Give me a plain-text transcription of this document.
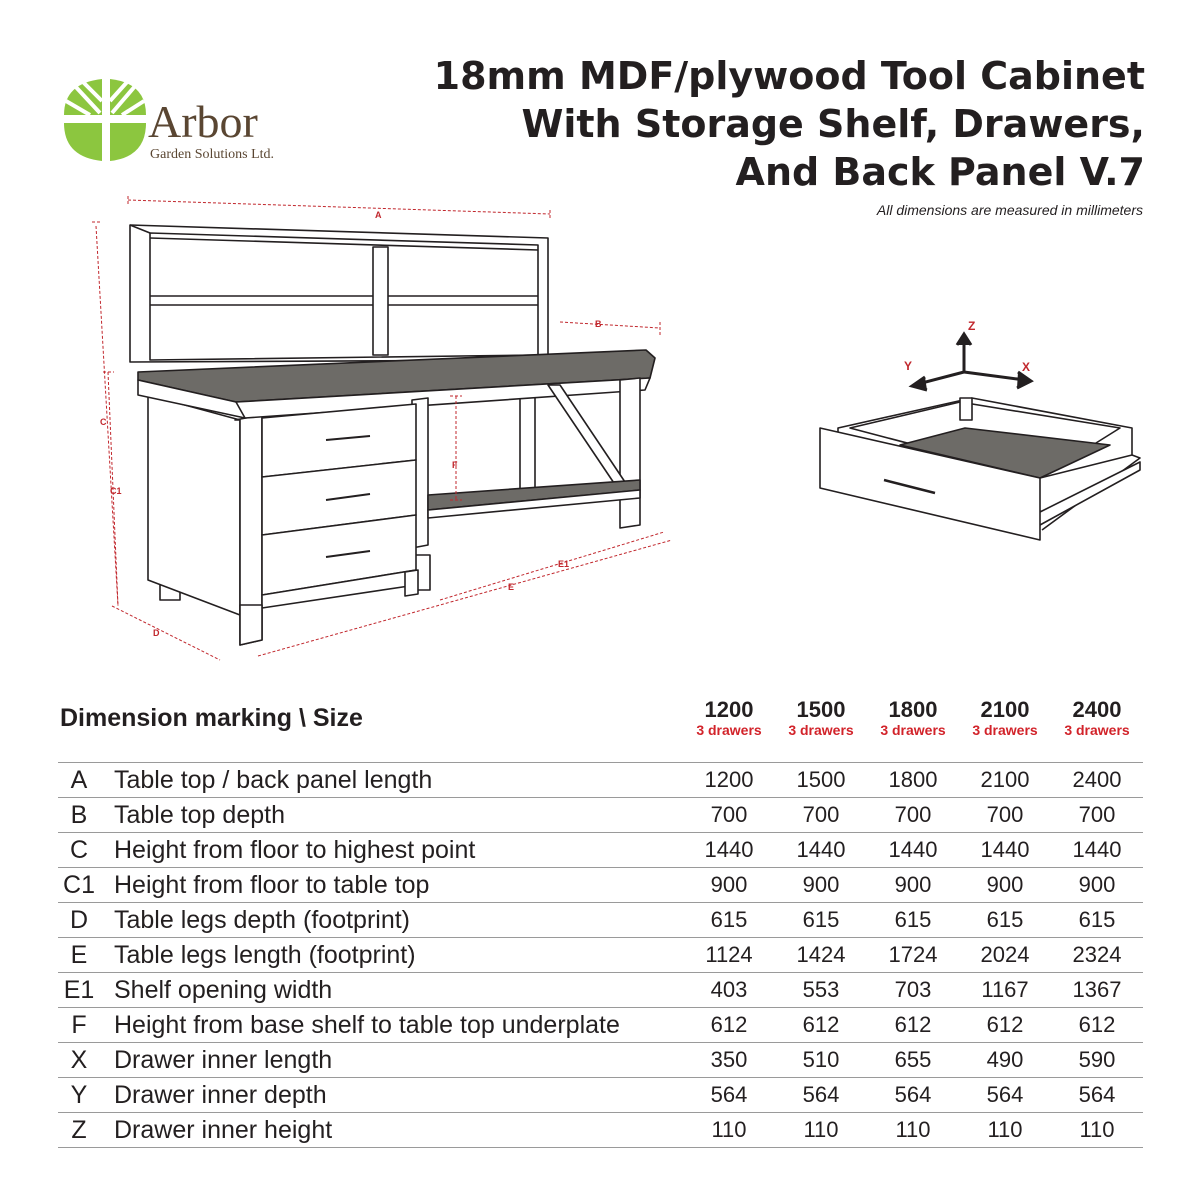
Arbor
Garden Solutions Ltd.
18mm MDF/plywood Tool Cabinet
With Storage Shelf, Drawers,
And Back Panel V.7
All dimensions are measured in millimeters
A
B
C
C1
D
E
E1
F
Z
Y	X
Dimension marking \ Size	1200
3 drawers
1500
3 drawers
1800
3 drawers
2100
3 drawers
2400
3 drawers
A	Table top / back panel length	1200	1500	1800	2100	2400
B	Table top depth	700	700	700	700	700
C	Height from floor to highest point	1440	1440	1440	1440	1440
C1 Height from floor to table top	900	900	900	900	900
D	Table legs depth (footprint)	615	615	615	615	615
E	Table legs length (footprint)	1124	1424	1724	2024	2324
E1 Shelf opening width	403	553	703	1167	1367
F	Height from base shelf to table top underplate	612	612	612	612	612
X	Drawer inner length	350	510	655	490	590
Y	Drawer inner depth	564	564	564	564	564
Z	Drawer inner height	110	110	110	110	110
